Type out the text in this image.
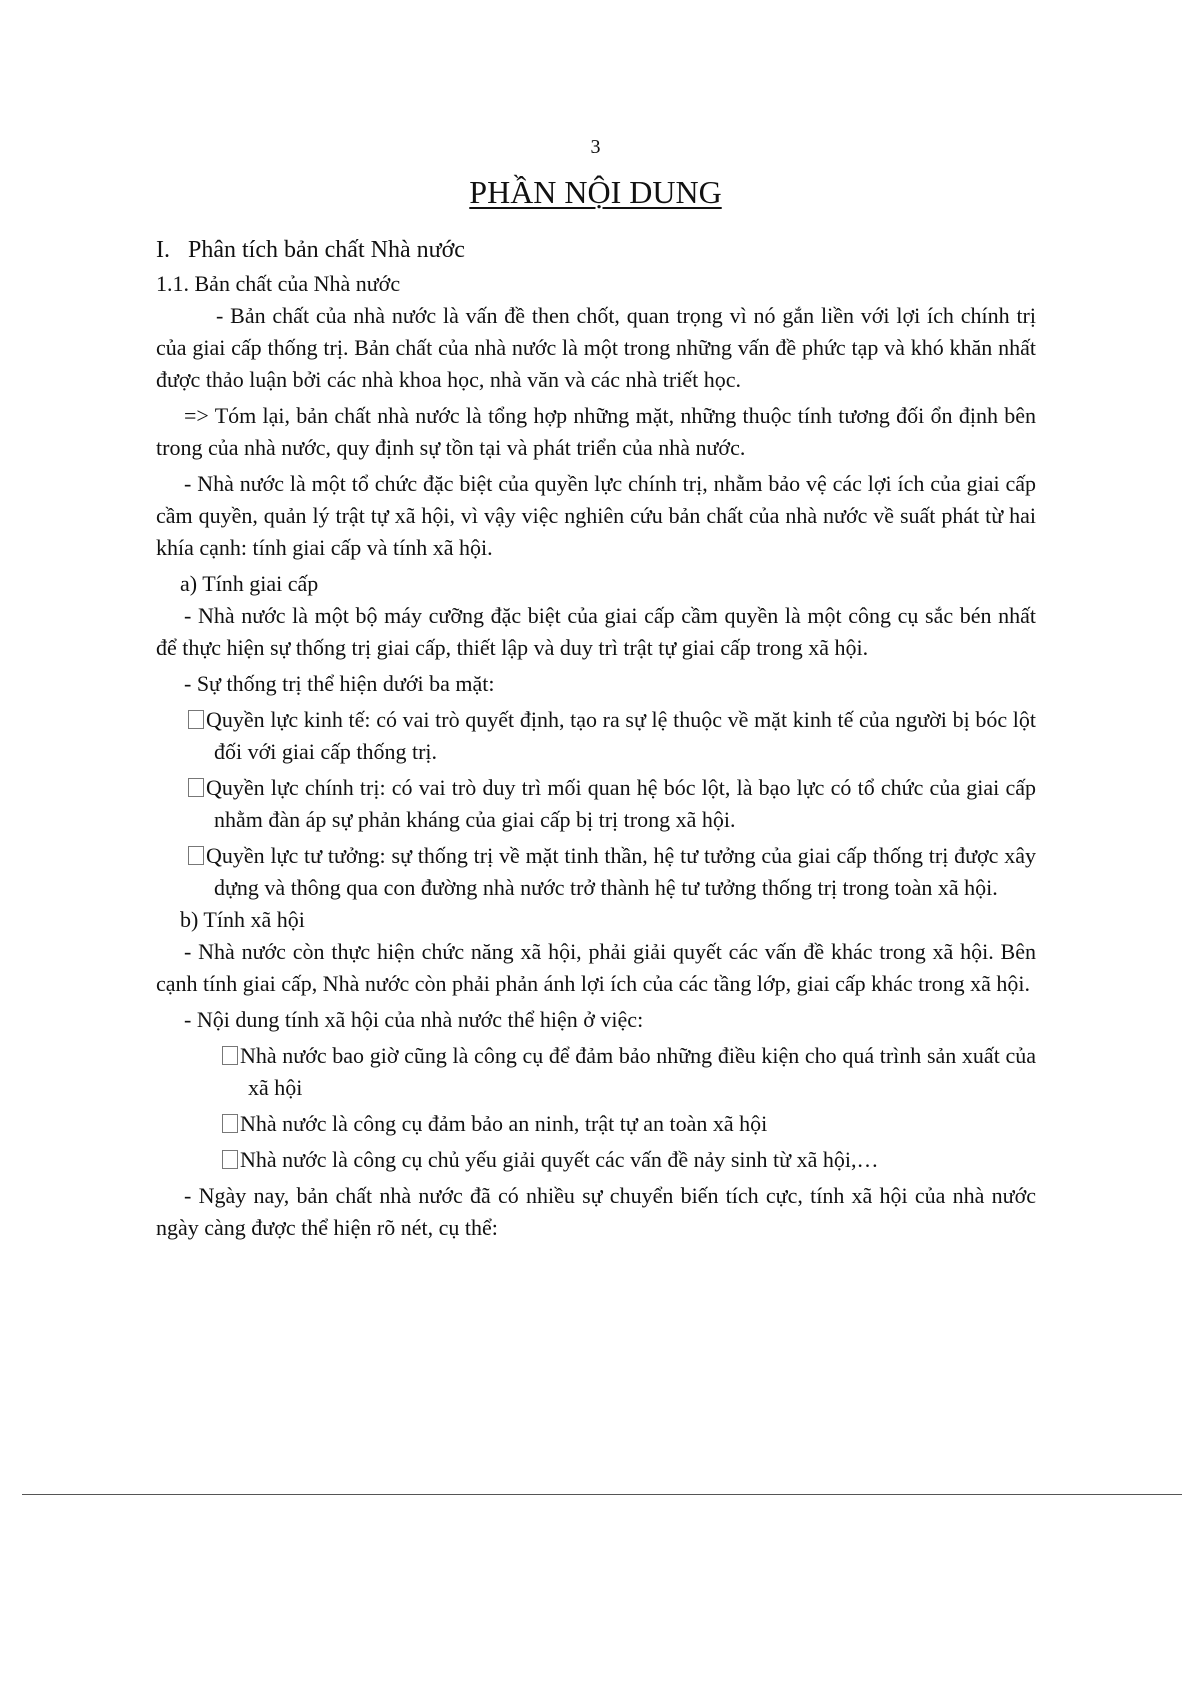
3
PHẦN NỘI DUNG

I.   Phân tích bản chất Nhà nước

1.1. Bản chất của Nhà nước

- Bản chất của nhà nước là vấn đề then chốt, quan trọng vì nó gắn liền với lợi ích chính trị của giai cấp thống trị. Bản chất của nhà nước là một trong những vấn đề phức tạp và khó khăn nhất được thảo luận bởi các nhà khoa học, nhà văn và các nhà triết học.

=> Tóm lại, bản chất nhà nước là tổng hợp những mặt, những thuộc tính tương đối ổn định bên trong của nhà nước, quy định sự tồn tại và phát triển của nhà nước.

- Nhà nước là một tổ chức đặc biệt của quyền lực chính trị, nhằm bảo vệ các lợi ích của giai cấp cầm quyền, quản lý trật tự xã hội, vì vậy việc nghiên cứu bản chất của nhà nước về suất phát từ hai khía cạnh: tính giai cấp và tính xã hội.

a) Tính giai cấp

- Nhà nước là một bộ máy cưỡng đặc biệt của giai cấp cầm quyền là một công cụ sắc bén nhất để thực hiện sự thống trị giai cấp, thiết lập và duy trì trật tự giai cấp trong xã hội.

- Sự thống trị thể hiện dưới ba mặt:

Quyền lực kinh tế: có vai trò quyết định, tạo ra sự lệ thuộc về mặt kinh tế của người bị bóc lột đối với giai cấp thống trị.

Quyền lực chính trị: có vai trò duy trì mối quan hệ bóc lột, là bạo lực có tổ chức của giai cấp nhằm đàn áp sự phản kháng của giai cấp bị trị trong xã hội.

Quyền lực tư tưởng: sự thống trị về mặt tinh thần, hệ tư tưởng của giai cấp thống trị được xây dựng và thông qua con đường nhà nước trở thành hệ tư tưởng thống trị trong toàn xã hội.

b) Tính xã hội

- Nhà nước còn thực hiện chức năng xã hội, phải giải quyết các vấn đề khác trong xã hội. Bên cạnh tính giai cấp, Nhà nước còn phải phản ánh lợi ích của các tầng lớp, giai cấp khác trong xã hội.

- Nội dung tính xã hội của nhà nước thể hiện ở việc:

Nhà nước bao giờ cũng là công cụ để đảm bảo những điều kiện cho quá trình sản xuất của xã hội

Nhà nước là công cụ đảm bảo an ninh, trật tự an toàn xã hội

Nhà nước là công cụ chủ yếu giải quyết các vấn đề nảy sinh từ xã hội,…

- Ngày nay, bản chất nhà nước đã có nhiều sự chuyển biến tích cực, tính xã hội của nhà nước ngày càng được thể hiện rõ nét, cụ thể:
